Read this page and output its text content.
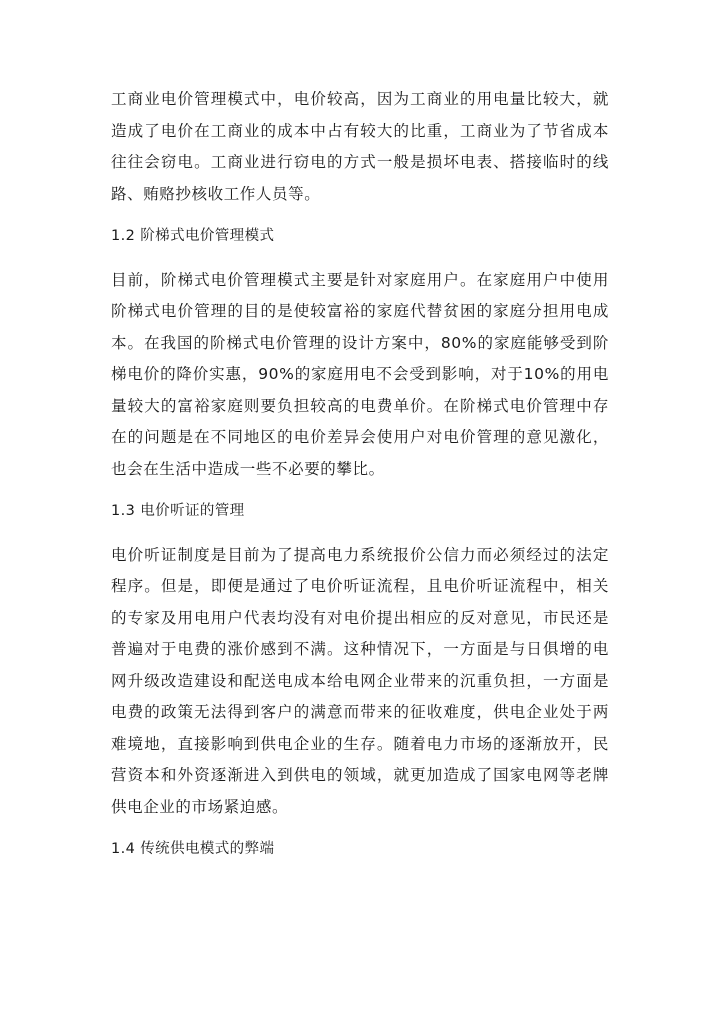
工商业电价管理模式中，电价较高，因为工商业的用电量比较大，就造成了电价在工商业的成本中占有较大的比重，工商业为了节省成本往往会窃电。工商业进行窃电的方式一般是损坏电表、搭接临时的线路、贿赂抄核收工作人员等。

1.2 阶梯式电价管理模式

目前，阶梯式电价管理模式主要是针对家庭用户。在家庭用户中使用阶梯式电价管理的目的是使较富裕的家庭代替贫困的家庭分担用电成本。在我国的阶梯式电价管理的设计方案中，80%的家庭能够受到阶梯电价的降价实惠，90%的家庭用电不会受到影响，对于10%的用电量较大的富裕家庭则要负担较高的电费单价。在阶梯式电价管理中存在的问题是在不同地区的电价差异会使用户对电价管理的意见激化，也会在生活中造成一些不必要的攀比。

1.3 电价听证的管理

电价听证制度是目前为了提高电力系统报价公信力而必须经过的法定程序。但是，即便是通过了电价听证流程，且电价听证流程中，相关的专家及用电用户代表均没有对电价提出相应的反对意见，市民还是普遍对于电费的涨价感到不满。这种情况下，一方面是与日俱增的电网升级改造建设和配送电成本给电网企业带来的沉重负担，一方面是电费的政策无法得到客户的满意而带来的征收难度，供电企业处于两难境地，直接影响到供电企业的生存。随着电力市场的逐渐放开，民营资本和外资逐渐进入到供电的领域，就更加造成了国家电网等老牌供电企业的市场紧迫感。

1.4 传统供电模式的弊端
